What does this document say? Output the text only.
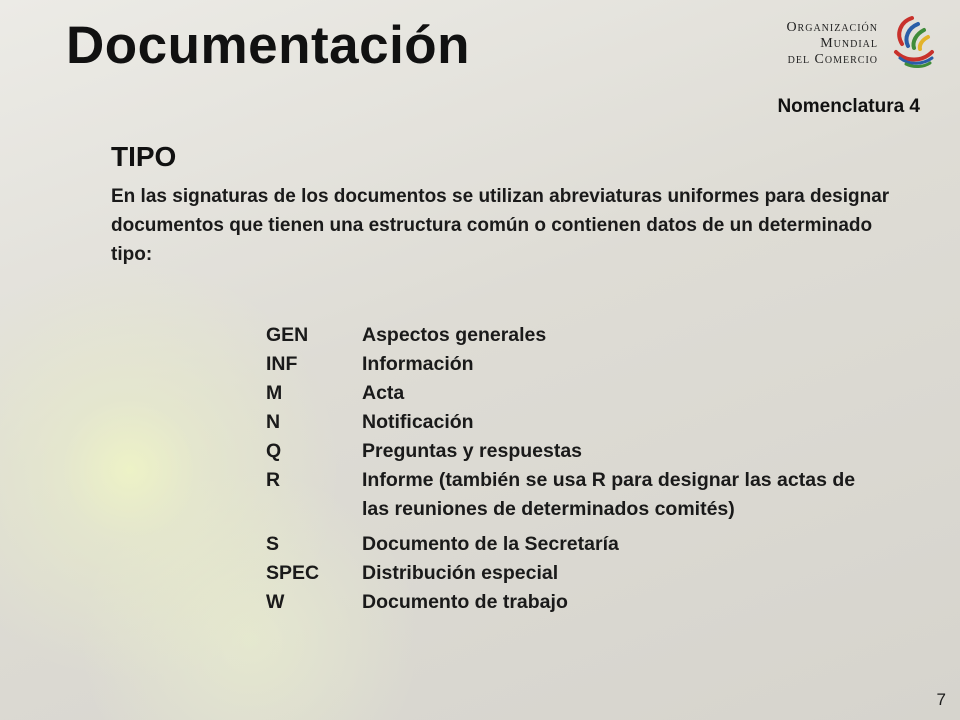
Documentación	Organización
Mundial
del Comercio
Nomenclatura 4
TIPO
En las signaturas de los documentos se utilizan abreviaturas uniformes para designar documentos que tienen una estructura común o contienen datos de un determinado tipo:
GEN	Aspectos generales
INF	Información
M	Acta
N	Notificación
Q	Preguntas y respuestas
R	Informe (también se usa R para designar las actas de las reuniones de determinados comités)
S	Documento de la Secretaría
SPEC	Distribución especial
W	Documento de trabajo
7
